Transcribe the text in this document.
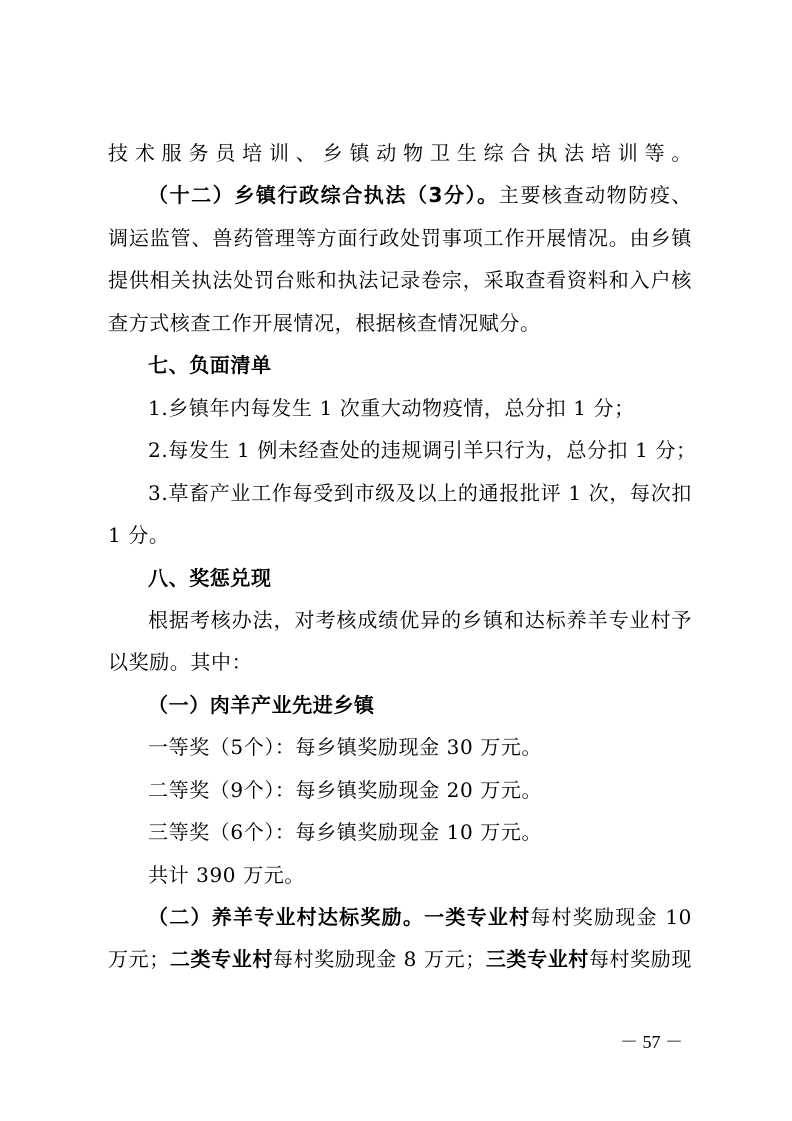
技术服务员培训、乡镇动物卫生综合执法培训等。
（十二）乡镇行政综合执法（3分）。主要核查动物防疫、
调运监管、兽药管理等方面行政处罚事项工作开展情况。由乡镇
提供相关执法处罚台账和执法记录卷宗，采取查看资料和入户核
查方式核查工作开展情况，根据核查情况赋分。
七、负面清单
1.乡镇年内每发生 1 次重大动物疫情，总分扣 1 分；
2.每发生 1 例未经查处的违规调引羊只行为，总分扣 1 分；
3.草畜产业工作每受到市级及以上的通报批评 1 次，每次扣
1 分。
八、奖惩兑现
根据考核办法，对考核成绩优异的乡镇和达标养羊专业村予
以奖励。其中：
（一）肉羊产业先进乡镇
一等奖（5个）：每乡镇奖励现金 30 万元。
二等奖（9个）：每乡镇奖励现金 20 万元。
三等奖（6个）：每乡镇奖励现金 10 万元。
共计 390 万元。
（二）养羊专业村达标奖励。一类专业村每村奖励现金 10
万元；二类专业村每村奖励现金 8 万元；三类专业村每村奖励现
－ 57 －
